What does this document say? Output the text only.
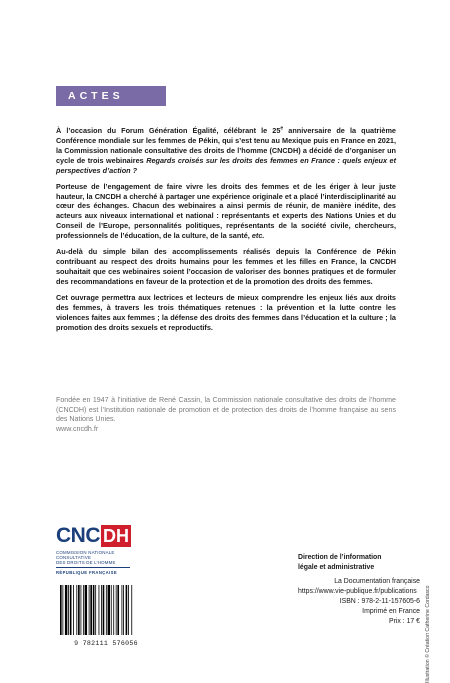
ACTES

À l’occasion du Forum Génération Égalité, célébrant le 25e anniversaire de la quatrième Conférence mondiale sur les femmes de Pékin, qui s’est tenu au Mexique puis en France en 2021, la Commission nationale consultative des droits de l’homme (CNCDH) a décidé de d’organiser un cycle de trois webinaires Regards croisés sur les droits des femmes en France : quels enjeux et perspectives d’action ?

Porteuse de l’engagement de faire vivre les droits des femmes et de les ériger à leur juste hauteur, la CNCDH a cherché à partager une expérience originale et a placé l’interdisciplinarité au cœur des échanges. Chacun des webinaires a ainsi permis de réunir, de manière inédite, des acteurs aux niveaux international et national : représentants et experts des Nations Unies et du Conseil de l’Europe, personnalités politiques, représentants de la société civile, chercheurs, professionnels de l’éducation, de la culture, de la santé, etc.

Au-delà du simple bilan des accomplissements réalisés depuis la Conférence de Pékin contribuant au respect des droits humains pour les femmes et les filles en France, la CNCDH souhaitait que ces webinaires soient l’occasion de valoriser des bonnes pratiques et de formuler des recommandations en faveur de la protection et de la promotion des droits des femmes.

Cet ouvrage permettra aux lectrices et lecteurs de mieux comprendre les enjeux liés aux droits des femmes, à travers les trois thématiques retenues : la prévention et la lutte contre les violences faites aux femmes ; la défense des droits des femmes dans l’éducation et la culture ; la promotion des droits sexuels et reproductifs.

Fondée en 1947 à l’initiative de René Cassin, la Commission nationale consultative des droits de l’homme (CNCDH) est l’Institution nationale de promotion et de protection des droits de l’homme française au sens des Nations Unies.

www.cncdh.fr

CNC DH
COMMISSION NATIONALE
CONSULTATIVE
DES DROITS DE L’HOMME
RÉPUBLIQUE FRANÇAISE
9 782111 576056
Direction de l’information
légale et administrative
La Documentation française
https://www.vie-publique.fr/publications
ISBN : 978-2-11-157605-6
Imprimé en France
Prix : 17 € Illustration © Création Catherine Cordasco
